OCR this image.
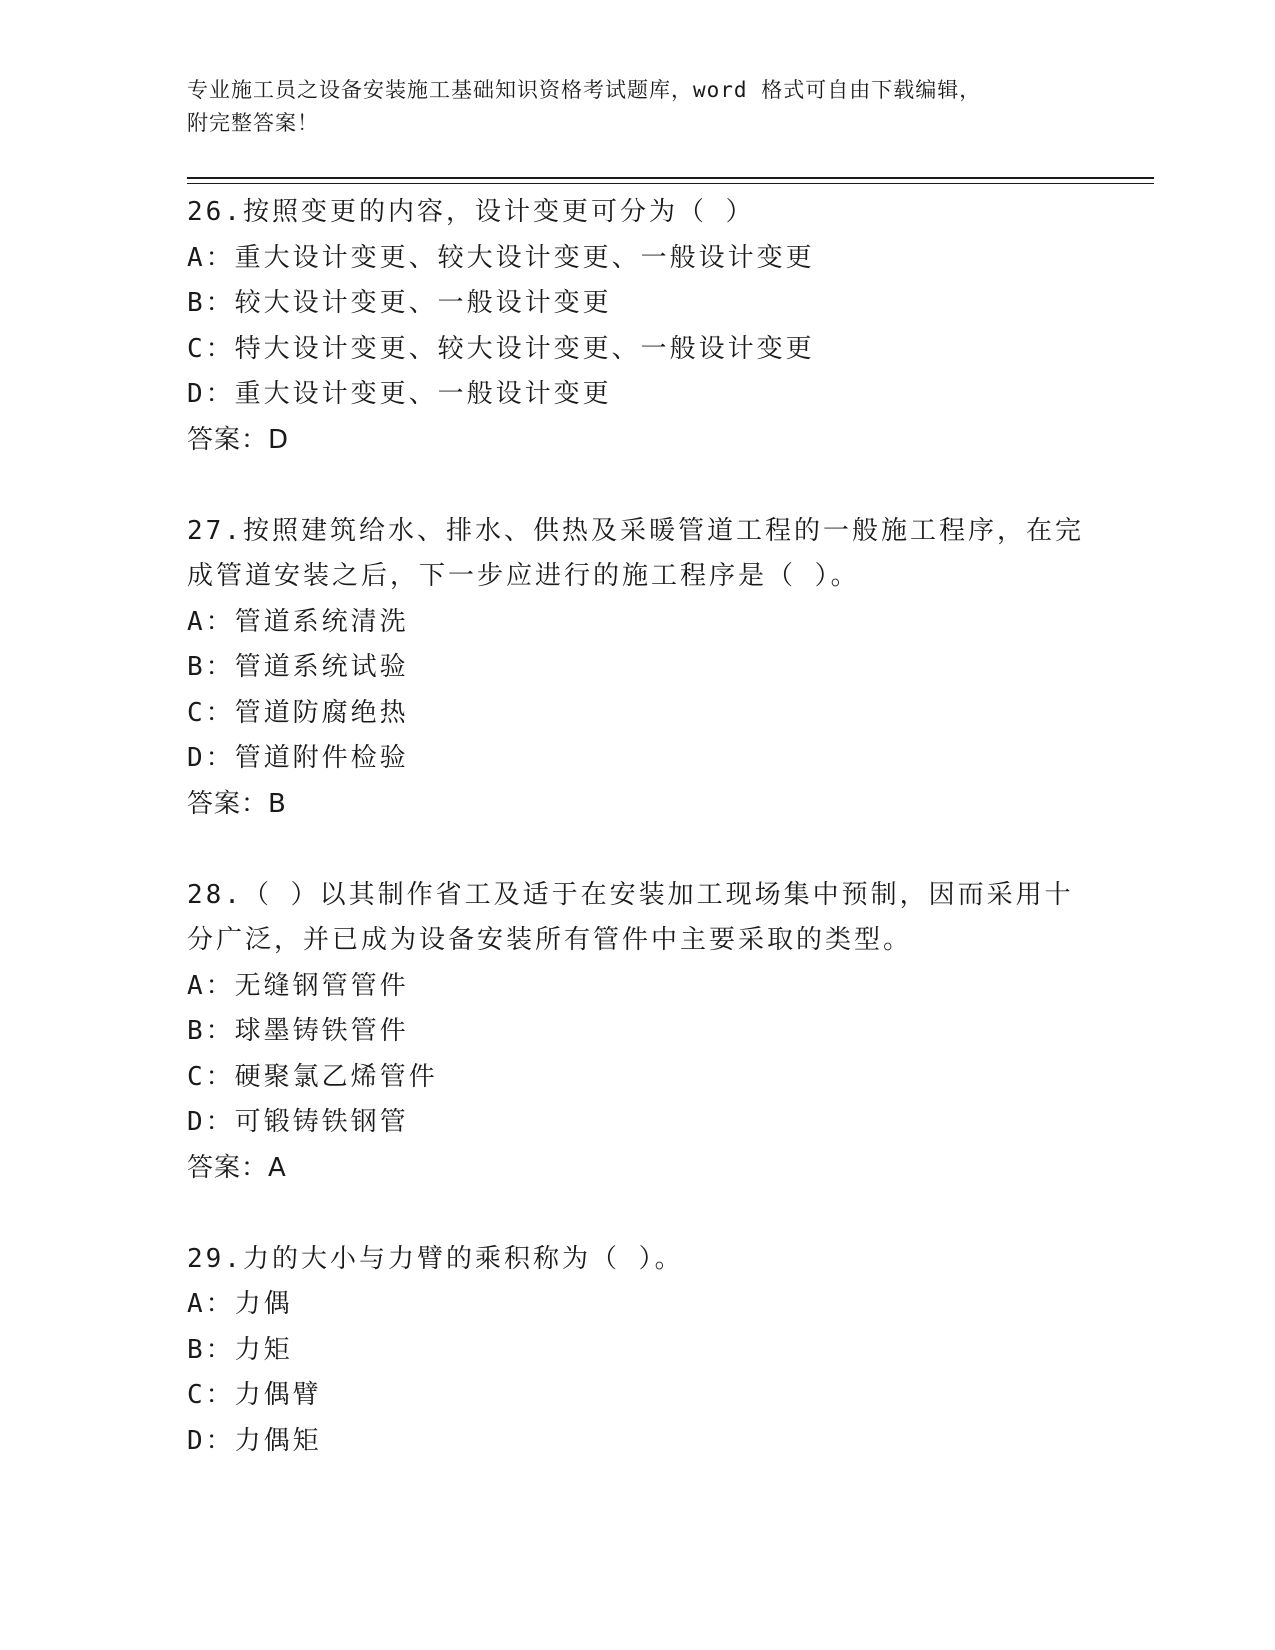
专业施工员之设备安装施工基础知识资格考试题库，word 格式可自由下载编辑，
附完整答案！
26.按照变更的内容，设计变更可分为（ ）
A：重大设计变更、较大设计变更、一般设计变更
B：较大设计变更、一般设计变更
C：特大设计变更、较大设计变更、一般设计变更
D：重大设计变更、一般设计变更
答案：D
27.按照建筑给水、排水、供热及采暖管道工程的一般施工程序，在完
成管道安装之后，下一步应进行的施工程序是（ ）。
A：管道系统清洗
B：管道系统试验
C：管道防腐绝热
D：管道附件检验
答案：B
28.（ ）以其制作省工及适于在安装加工现场集中预制，因而采用十
分广泛，并已成为设备安装所有管件中主要采取的类型。
A：无缝钢管管件
B：球墨铸铁管件
C：硬聚氯乙烯管件
D：可锻铸铁钢管
答案：A
29.力的大小与力臂的乘积称为（ ）。
A：力偶
B：力矩
C：力偶臂
D：力偶矩
